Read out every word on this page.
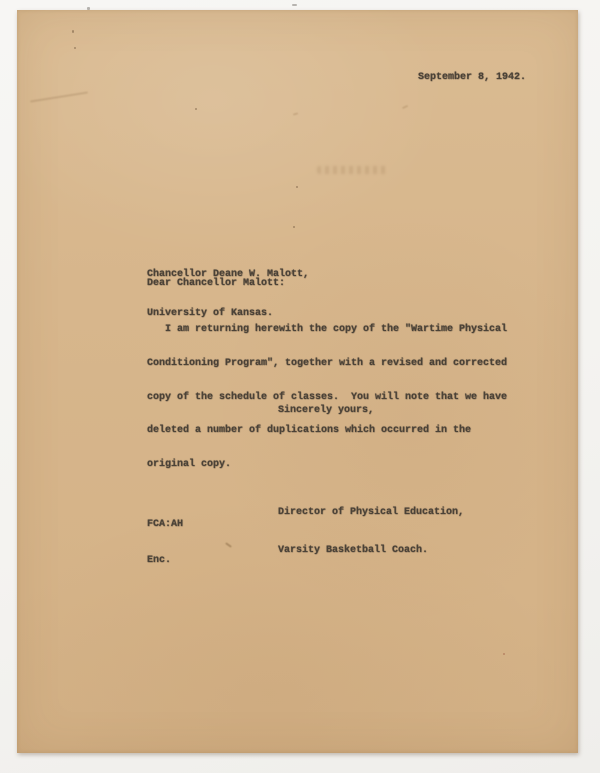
September 8, 1942.

Chancellor Deane W. Malott,

University of Kansas.

Dear Chancellor Malott:

I am returning herewith the copy of the "Wartime Physical

Conditioning Program", together with a revised and corrected

copy of the schedule of classes.  You will note that we have

deleted a number of duplications which occurred in the

original copy.

Sincerely yours,

Director of Physical Education,

Varsity Basketball Coach.

FCA:AH

Enc.
